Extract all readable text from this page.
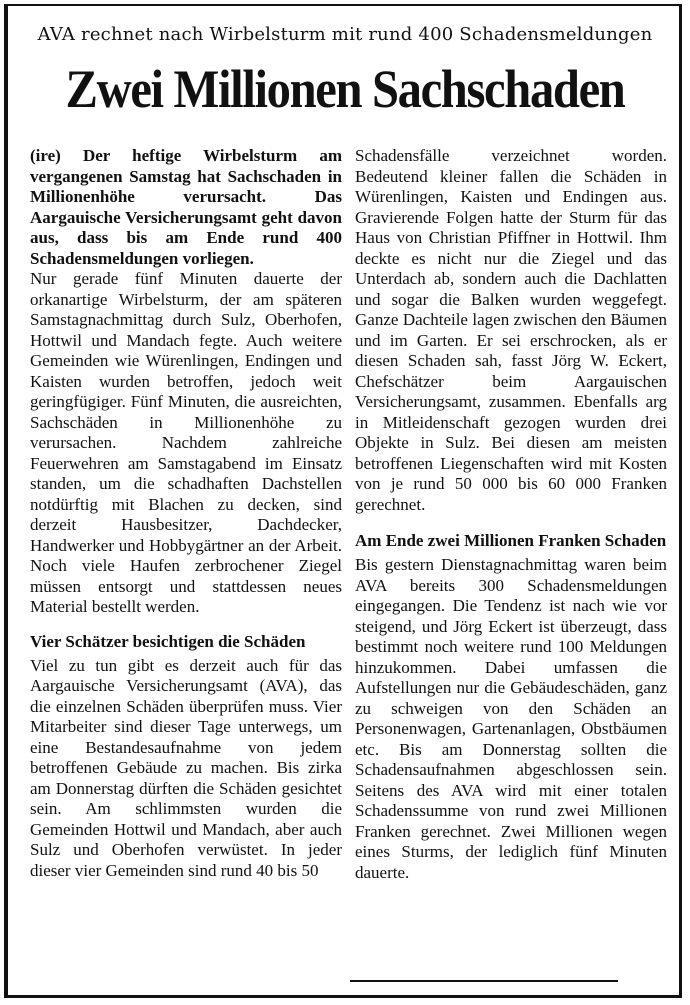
AVA rechnet nach Wirbelsturm mit rund 400 Schadensmeldungen
Zwei Millionen Sachschaden

(ire) Der heftige Wirbelsturm am vergangenen Samstag hat Sachschaden in Millionenhöhe verursacht. Das Aargauische Versicherungsamt geht davon aus, dass bis am Ende rund 400 Schadensmeldungen vorliegen.

Nur gerade fünf Minuten dauerte der orkanartige Wirbelsturm, der am späteren Samstagnachmittag durch Sulz, Oberhofen, Hottwil und Mandach fegte. Auch weitere Gemeinden wie Würenlingen, Endingen und Kaisten wurden betroffen, jedoch weit geringfügiger. Fünf Minuten, die ausreichten, Sachschäden in Millionenhöhe zu verursachen. Nachdem zahlreiche Feuerwehren am Samstagabend im Einsatz standen, um die schadhaften Dachstellen notdürftig mit Blachen zu decken, sind derzeit Hausbesitzer, Dachdecker, Handwerker und Hobbygärtner an der Arbeit. Noch viele Haufen zerbrochener Ziegel müssen entsorgt und stattdessen neues Material bestellt werden.

Vier Schätzer besichtigen die Schäden

Viel zu tun gibt es derzeit auch für das Aargauische Versicherungsamt (AVA), das die einzelnen Schäden überprüfen muss. Vier Mitarbeiter sind dieser Tage unterwegs, um eine Bestandesaufnahme von jedem betroffenen Gebäude zu machen. Bis zirka am Donnerstag dürften die Schäden gesichtet sein. Am schlimmsten wurden die Gemeinden Hottwil und Mandach, aber auch Sulz und Oberhofen verwüstet. In jeder dieser vier Gemeinden sind rund 40 bis 50

Schadensfälle verzeichnet worden. Bedeutend kleiner fallen die Schäden in Würenlingen, Kaisten und Endingen aus. Gravierende Folgen hatte der Sturm für das Haus von Christian Pfiffner in Hottwil. Ihm deckte es nicht nur die Ziegel und das Unterdach ab, sondern auch die Dachlatten und sogar die Balken wurden weggefegt. Ganze Dachteile lagen zwischen den Bäumen und im Garten. Er sei erschrocken, als er diesen Schaden sah, fasst Jörg W. Eckert, Chefschätzer beim Aargauischen Versicherungsamt, zusammen. Ebenfalls arg in Mitleidenschaft gezogen wurden drei Objekte in Sulz. Bei diesen am meisten betroffenen Liegenschaften wird mit Kosten von je rund 50 000 bis 60 000 Franken gerechnet.

Am Ende zwei Millionen Franken Schaden

Bis gestern Dienstagnachmittag waren beim AVA bereits 300 Schadensmeldungen eingegangen. Die Tendenz ist nach wie vor steigend, und Jörg Eckert ist überzeugt, dass bestimmt noch weitere rund 100 Meldungen hinzukommen. Dabei umfassen die Aufstellungen nur die Gebäudeschäden, ganz zu schweigen von den Schäden an Personenwagen, Gartenanlagen, Obstbäumen etc. Bis am Donnerstag sollten die Schadensaufnahmen abgeschlossen sein. Seitens des AVA wird mit einer totalen Schadenssumme von rund zwei Millionen Franken gerechnet. Zwei Millionen wegen eines Sturms, der lediglich fünf Minuten dauerte.
